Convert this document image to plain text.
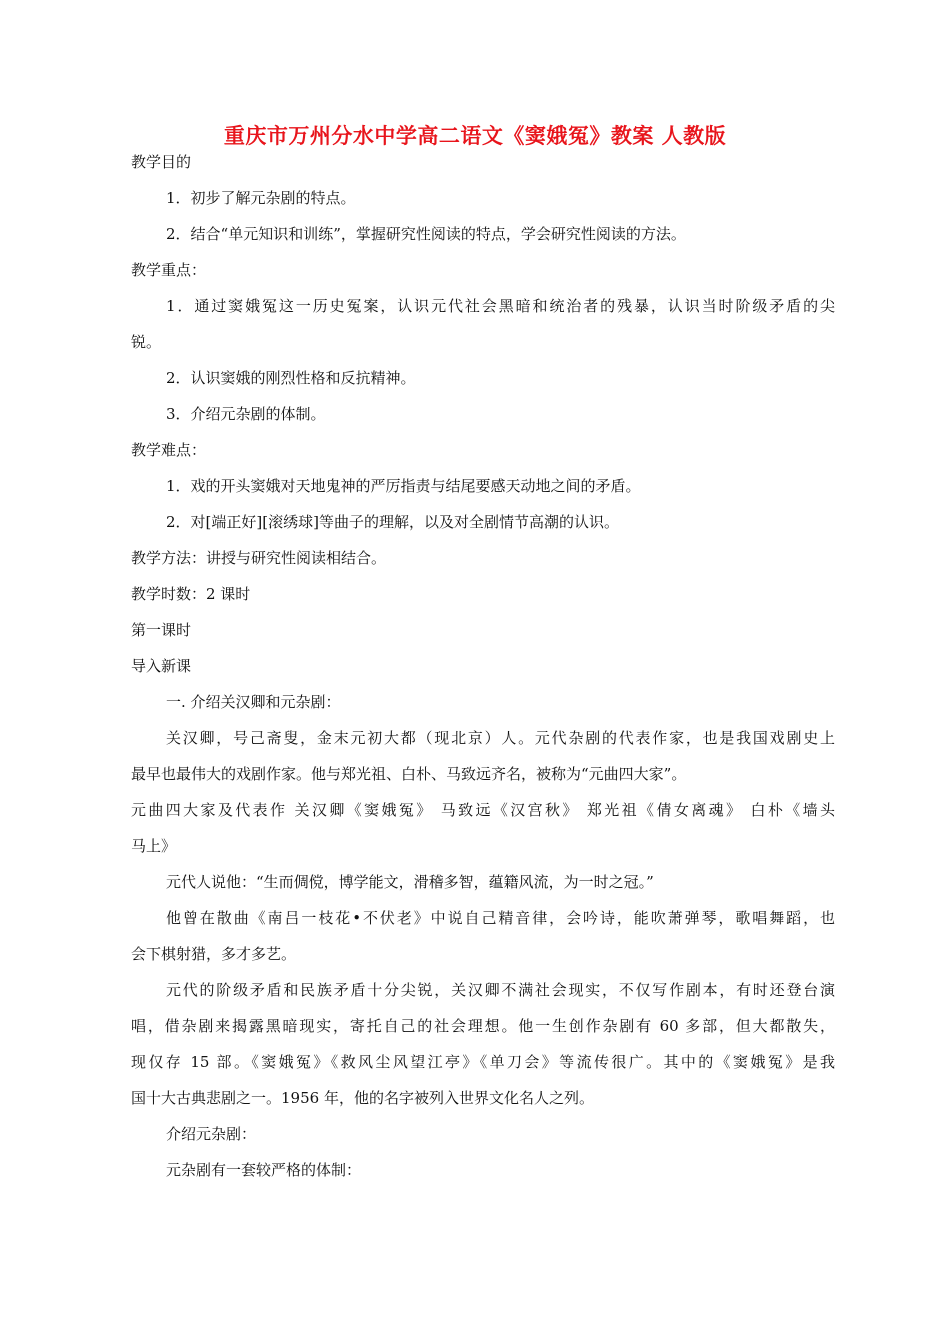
重庆市万州分水中学高二语文《窦娥冤》教案 人教版
教学目的
1．初步了解元杂剧的特点。
2．结合“单元知识和训练”，掌握研究性阅读的特点，学会研究性阅读的方法。
教学重点：
1．通过窦娥冤这一历史冤案，认识元代社会黑暗和统治者的残暴，认识当时阶级矛盾的尖
锐。
2．认识窦娥的刚烈性格和反抗精神。
3．介绍元杂剧的体制。
教学难点：
1．戏的开头窦娥对天地鬼神的严厉指责与结尾要感天动地之间的矛盾。
2．对[端正好][滚绣球]等曲子的理解，以及对全剧情节高潮的认识。
教学方法：讲授与研究性阅读相结合。
教学时数：2 课时
第一课时
导入新课
一. 介绍关汉卿和元杂剧：
关汉卿，号己斋叟，金末元初大都（现北京）人。元代杂剧的代表作家，也是我国戏剧史上
最早也最伟大的戏剧作家。他与郑光祖、白朴、马致远齐名，被称为“元曲四大家”。
元曲四大家及代表作 关汉卿《窦娥冤》 马致远《汉宫秋》 郑光祖《倩女离魂》 白朴《墙头
马上》
元代人说他：“生而倜傥，博学能文，滑稽多智，蕴籍风流，为一时之冠。”
他曾在散曲《南吕一枝花•不伏老》中说自己精音律，会吟诗，能吹萧弹琴，歌唱舞蹈，也
会下棋射猎，多才多艺。
元代的阶级矛盾和民族矛盾十分尖锐，关汉卿不满社会现实，不仅写作剧本，有时还登台演
唱，借杂剧来揭露黑暗现实，寄托自己的社会理想。他一生创作杂剧有 60 多部，但大都散失，
现仅存 15 部。《窦娥冤》《救风尘风望江亭》《单刀会》等流传很广。其中的《窦娥冤》是我
国十大古典悲剧之一。1956 年，他的名字被列入世界文化名人之列。
介绍元杂剧：
元杂剧有一套较严格的体制：
